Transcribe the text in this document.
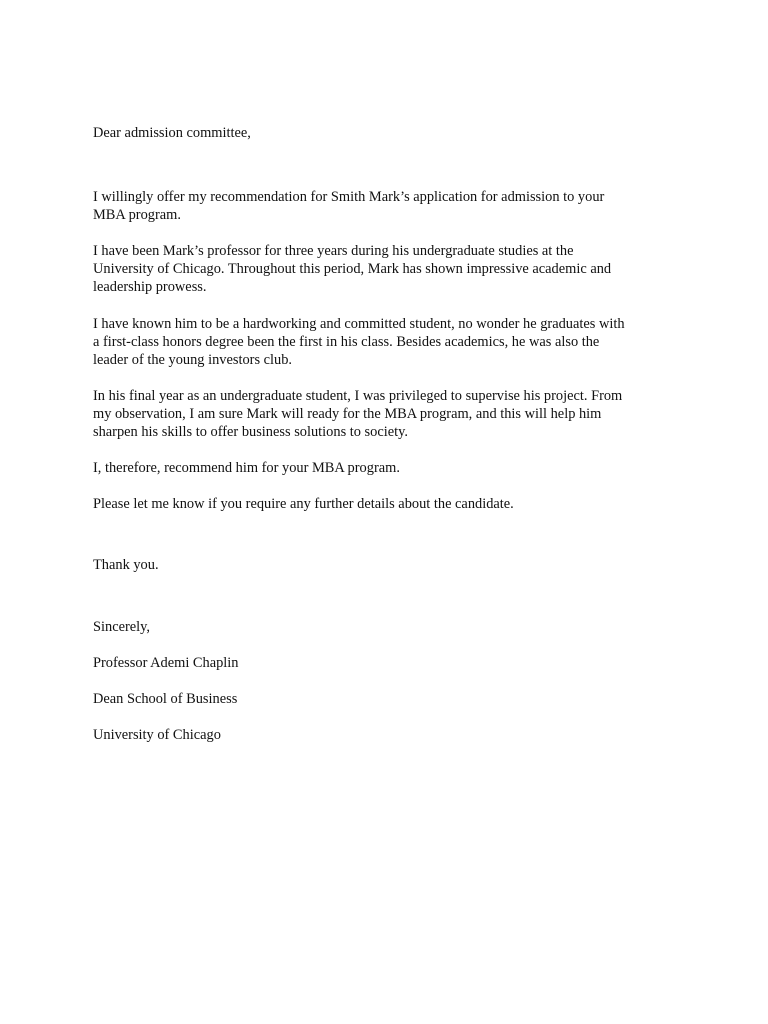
Dear admission committee,

I willingly offer my recommendation for Smith Mark’s application for admission to your

MBA program.

I have been Mark’s professor for three years during his undergraduate studies at the

University of Chicago. Throughout this period, Mark has shown impressive academic and

leadership prowess.

I have known him to be a hardworking and committed student, no wonder he graduates with

a first-class honors degree been the first in his class. Besides academics, he was also the

leader of the young investors club.

In his final year as an undergraduate student, I was privileged to supervise his project. From

my observation, I am sure Mark will ready for the MBA program, and this will help him

sharpen his skills to offer business solutions to society.

I, therefore, recommend him for your MBA program.

Please let me know if you require any further details about the candidate.

Thank you.

Sincerely,

Professor Ademi Chaplin

Dean School of Business

University of Chicago
